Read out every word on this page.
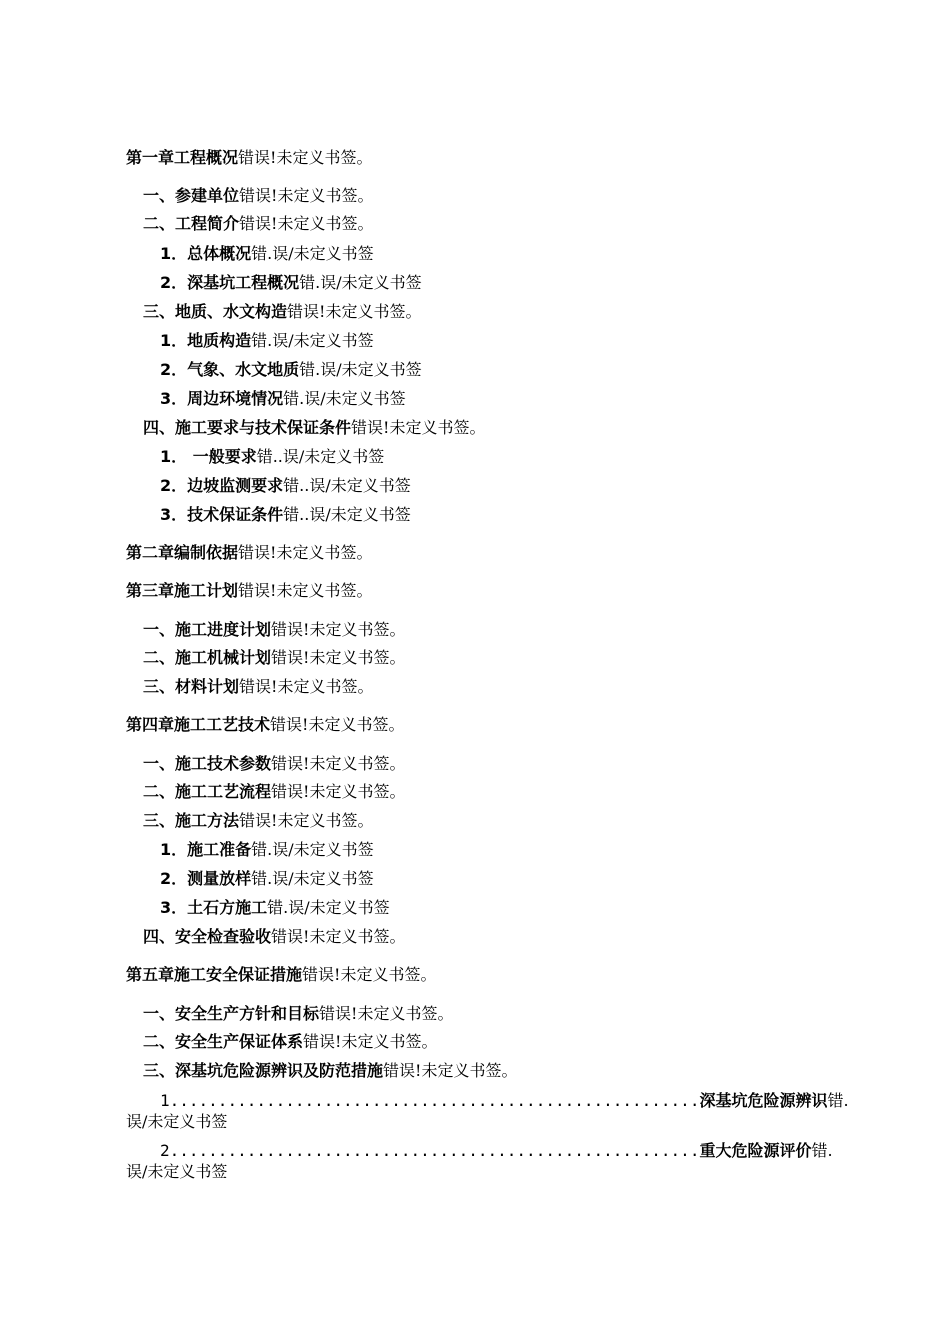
第一章工程概况错误!未定义书签。
一、参建单位错误!未定义书签。
二、工程简介错误!未定义书签。
1．总体概况错.误/未定义书签
2．深基坑工程概况错.误/未定义书签
三、地质、水文构造错误!未定义书签。
1．地质构造错.误/未定义书签
2．气象、水文地质错.误/未定义书签
3．周边环境情况错.误/未定义书签
四、施工要求与技术保证条件错误!未定义书签。
1． 一般要求错..误/未定义书签
2．边坡监测要求错..误/未定义书签
3．技术保证条件错..误/未定义书签
第二章编制依据错误!未定义书签。
第三章施工计划错误!未定义书签。
一、施工进度计划错误!未定义书签。
二、施工机械计划错误!未定义书签。
三、材料计划错误!未定义书签。
第四章施工工艺技术错误!未定义书签。
一、施工技术参数错误!未定义书签。
二、施工工艺流程错误!未定义书签。
三、施工方法错误!未定义书签。
1．施工准备错.误/未定义书签
2．测量放样错.误/未定义书签
3．土石方施工错.误/未定义书签
四、安全检查验收错误!未定义书签。
第五章施工安全保证措施错误!未定义书签。
一、安全生产方针和目标错误!未定义书签。
二、安全生产保证体系错误!未定义书签。
三、深基坑危险源辨识及防范措施错误!未定义书签。
1.......................................................深基坑危险源辨识错.
误/未定义书签
2.......................................................重大危险源评价错.
误/未定义书签
